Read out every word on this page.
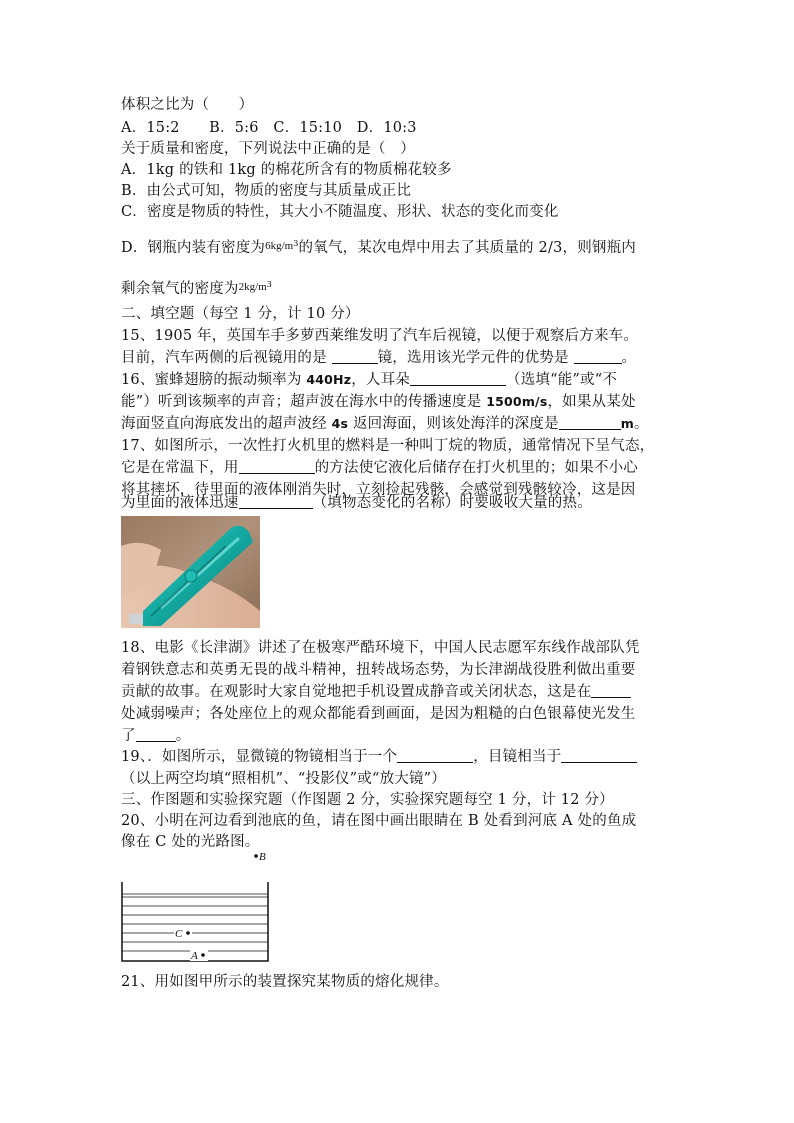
体积之比为（　　）
A．15:2　　B．5:6　C．15:10　D．10:3
关于质量和密度，下列说法中正确的是（　）
A．1kg 的铁和 1kg 的棉花所含有的物质棉花较多
B．由公式可知，物质的密度与其质量成正比
C．密度是物质的特性，其大小不随温度、形状、状态的变化而变化
D．钢瓶内装有密度为$^{6kg/m3}$的氧气，某次电焊中用去了其质量的 2/3，则钢瓶内
剩余氧气的密度为$^{2kg/m3}$
二、填空题（每空 1 分，计 10 分）
15、1905 年，英国车手多萝西莱维发明了汽车后视镜，以便于观察后方来车。
目前，汽车两侧的后视镜用的是	镜，选用该光学元件的优势是	。
16、蜜蜂翅膀的振动频率为 440Hz，人耳朵	（选填“能”或“不
能”）听到该频率的声音；超声波在海水中的传播速度是 1500m/s，如果从某处
海面竖直向海底发出的超声波经 4s 返回海面，则该处海洋的深度是	m。
17、如图所示，一次性打火机里的燃料是一种叫丁烷的物质，通常情况下呈气态，
它是在常温下，用	的方法使它液化后储存在打火机里的；如果不小心
将其摔坏，待里面的液体刚消失时，立刻捡起残骸，会感觉到残骸较冷，这是因
为里面的液体迅速	（填物态变化的名称）时要吸收大量的热。
18、电影《长津湖》讲述了在极寒严酷环境下，中国人民志愿军东线作战部队凭
着钢铁意志和英勇无畏的战斗精神，扭转战场态势，为长津湖战役胜利做出重要
贡献的故事。在观影时大家自觉地把手机设置成静音或关闭状态，这是在
处减弱噪声；各处座位上的观众都能看到画面，是因为粗糙的白色银幕使光发生
了	。
19、．如图所示，显微镜的物镜相当于一个	，目镜相当于
（以上两空均填“照相机”、“投影仪”或“放大镜”）
三、作图题和实验探究题（作图题 2 分，实验探究题每空 1 分，计 12 分）
20、小明在河边看到池底的鱼，请在图中画出眼睛在 B 处看到河底 A 处的鱼成
像在 C 处的光路图。
B
C
A
21、用如图甲所示的装置探究某物质的熔化规律。
